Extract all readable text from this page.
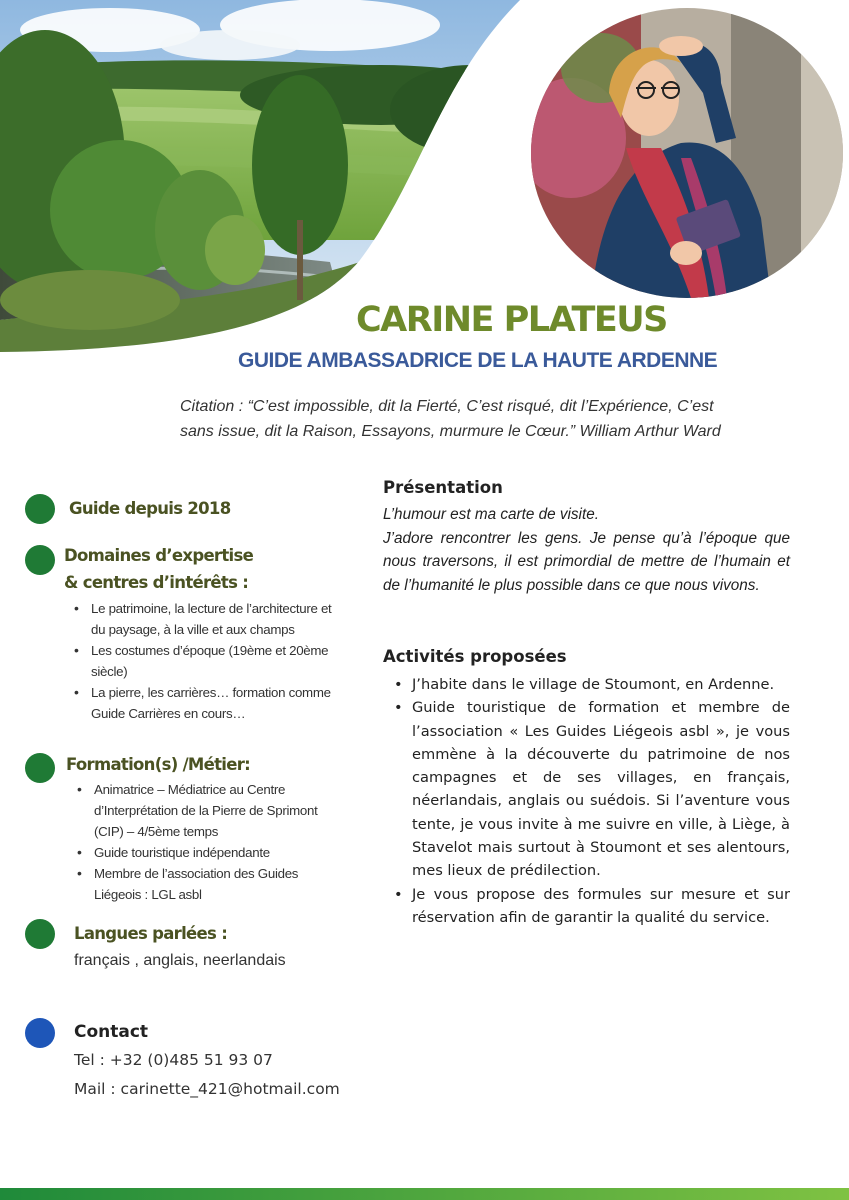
CARINE PLATEUS
GUIDE AMBASSADRICE DE LA HAUTE ARDENNE

Citation : “C’est impossible, dit la Fierté, C’est risqué, dit l’Expérience, C’est
sans issue, dit la Raison, Essayons, murmure le Cœur.” William Arthur Ward

Guide depuis 2018
Domaines d’expertise
& centres d’intérêts :
• Le patrimoine, la lecture de l’architecture et
du paysage, à la ville et aux champs
• Les costumes d’époque (19ème et 20ème
siècle)
• La pierre, les carrières… formation comme
Guide Carrières en cours…
Formation(s) /Métier:
• Animatrice – Médiatrice au Centre
d’Interprétation de la Pierre de Sprimont
(CIP) – 4/5ème temps
• Guide touristique indépendante
• Membre de l’association des Guides
Liégeois : LGL asbl
Langues parlées :

français , anglais, neerlandais

Contact

Tel : +32 (0)485 51 93 07

Mail : carinette_421@hotmail.com

Présentation

L’humour est ma carte de visite.

J’adore rencontrer les gens. Je pense qu’à l’époque que nous traversons, il est primordial de mettre de l’humain et de l’humanité le plus possible dans ce que nous vivons.

Activités proposées
• J’habite dans le village de Stoumont, en Ardenne.
• Guide touristique de formation et membre de l’association « Les Guides Liégeois asbl », je vous emmène à la découverte du patrimoine de nos campagnes et de ses villages, en français, néerlandais, anglais ou suédois. Si l’aventure vous tente, je vous invite à me suivre en ville, à Liège, à Stavelot mais surtout à Stoumont et ses alentours, mes lieux de prédilection.
• Je vous propose des formules sur mesure et sur réservation afin de garantir la qualité du service.
